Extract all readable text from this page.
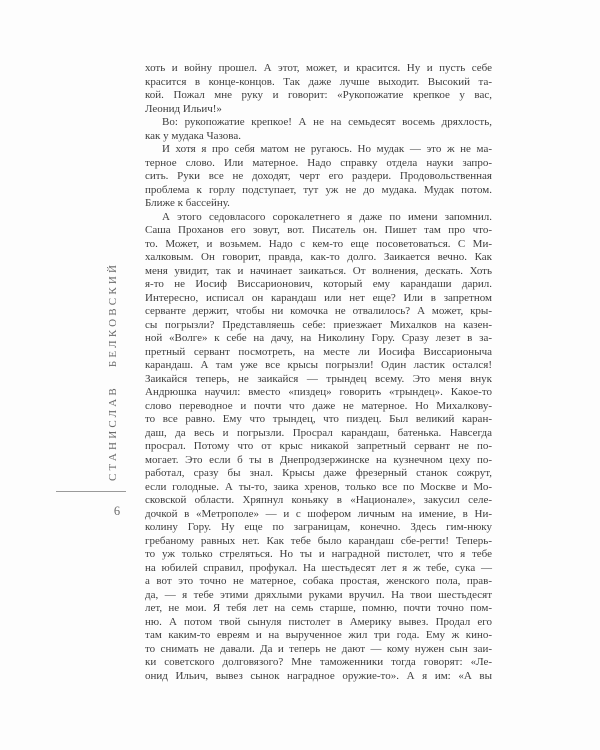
СТАНИСЛАВ БЕЛКОВСКИЙ
6
хоть и войну прошел. А этот, может, и красится. Ну и пусть себе
красится в конце-концов. Так даже лучше выходит. Высокий та-
кой. Пожал мне руку и говорит: «Рукопожатие крепкое у вас,
Леонид Ильич!»
Во: рукопожатие крепкое! А не на семьдесят восемь дряхлость,
как у мудака Чазова.
И хотя я про себя матом не ругаюсь. Но мудак — это ж не ма-
терное слово. Или матерное. Надо справку отдела науки запро-
сить. Руки все не доходят, черт его раздери. Продовольственная
проблема к горлу подступает, тут уж не до мудака. Мудак потом.
Ближе к бассейну.
А этого седовласого сорокалетнего я даже по имени запомнил.
Саша Проханов его зовут, вот. Писатель он. Пишет там про что-
то. Может, и возьмем. Надо с кем-то еще посоветоваться. С Ми-
халковым. Он говорит, правда, как-то долго. Заикается вечно. Как
меня увидит, так и начинает заикаться. От волнения, дескать. Хоть
я-то не Иосиф Виссарионович, который ему карандаши дарил.
Интересно, исписал он карандаш или нет еще? Или в запретном
серванте держит, чтобы ни комочка не отвалилось? А может, кры-
сы погрызли? Представляешь себе: приезжает Михалков на казен-
ной «Волге» к себе на дачу, на Николину Гору. Сразу лезет в за-
претный сервант посмотреть, на месте ли Иосифа Виссарионыча
карандаш. А там уже все крысы погрызли! Один ластик остался!
Заикайся теперь, не заикайся — трындец всему. Это меня внук
Андрюшка научил: вместо «пиздец» говорить «трындец». Какое-то
слово переводное и почти что даже не матерное. Но Михалкову-
то все равно. Ему что трындец, что пиздец. Был великий каран-
даш, да весь и погрызли. Просрал карандаш, батенька. Навсегда
просрал. Потому что от крыс никакой запретный сервант не по-
могает. Это если б ты в Днепродзержинске на кузнечном цеху по-
работал, сразу бы знал. Крысы даже фрезерный станок сожрут,
если голодные. А ты-то, заика хренов, только все по Москве и Мо-
сковской области. Хряпнул коньяку в «Национале», закусил селе-
дочкой в «Метрополе» — и с шофером личным на имение, в Ни-
колину Гору. Ну еще по заграницам, конечно. Здесь гим-нюку
гребаному равных нет. Как тебе было карандаш сбе-регти! Теперь-
то уж только стреляться. Но ты и наградной пистолет, что я тебе
на юбилей справил, профукал. На шестьдесят лет я ж тебе, сука —
а вот это точно не матерное, собака простая, женского пола, прав-
да, — я тебе этими дряхлыми руками вручил. На твои шестьдесят
лет, не мои. Я тебя лет на семь старше, помню, почти точно пом-
ню. А потом твой сынуля пистолет в Америку вывез. Продал его
там каким-то евреям и на вырученное жил три года. Ему ж кино-
то снимать не давали. Да и теперь не дают — кому нужен сын заи-
ки советского долговязого? Мне таможенники тогда говорят: «Ле-
онид Ильич, вывез сынок наградное оружие-то». А я им: «А вы
